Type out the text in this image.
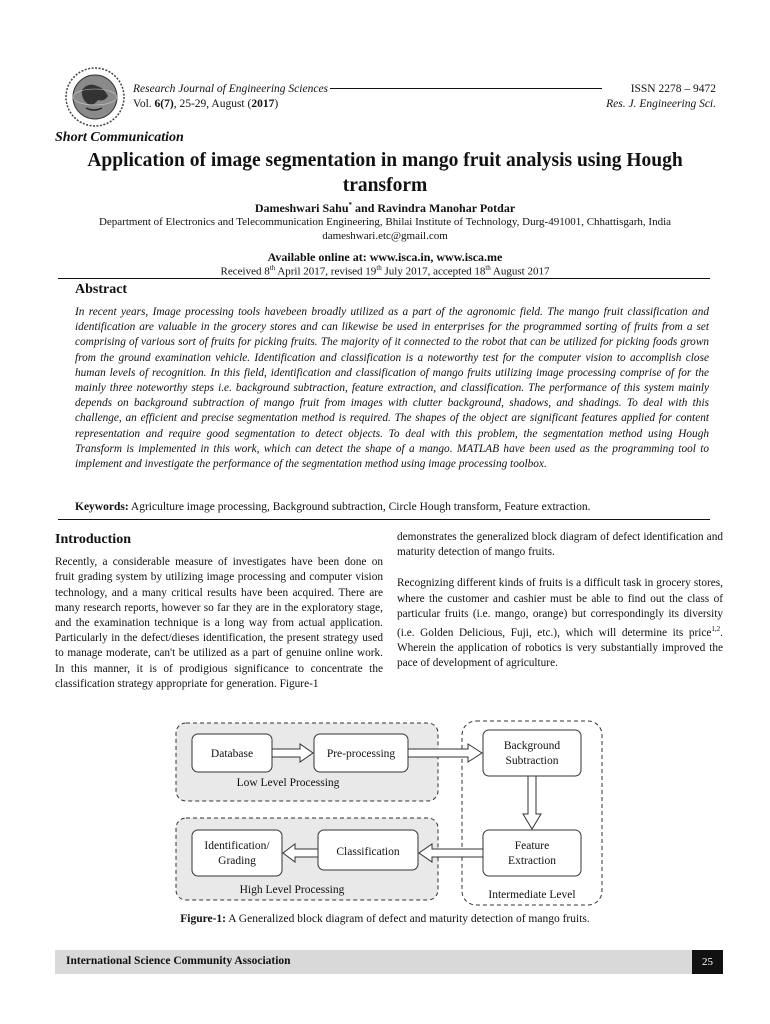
Research Journal of Engineering Sciences
Vol. 6(7), 25-29, August (2017)
ISSN 2278 – 9472
Res. J. Engineering Sci.
Short Communication
Application of image segmentation in mango fruit analysis using Hough transform
Dameshwari Sahu* and Ravindra Manohar Potdar
Department of Electronics and Telecommunication Engineering, Bhilai Institute of Technology, Durg-491001, Chhattisgarh, India
dameshwari.etc@gmail.com
Available online at: www.isca.in, www.isca.me
Received 8th April 2017, revised 19th July 2017, accepted 18th August 2017
Abstract
In recent years, Image processing tools havebeen broadly utilized as a part of the agronomic field. The mango fruit classification and identification are valuable in the grocery stores and can likewise be used in enterprises for the programmed sorting of fruits from a set comprising of various sort of fruits for picking fruits. The majority of it connected to the robot that can be utilized for picking foods grown from the ground examination vehicle. Identification and classification is a noteworthy test for the computer vision to accomplish close human levels of recognition. In this field, identification and classification of mango fruits utilizing image processing comprise of for the mainly three noteworthy steps i.e. background subtraction, feature extraction, and classification. The performance of this system mainly depends on background subtraction of mango fruit from images with clutter background, shadows, and shadings. To deal with this challenge, an efficient and precise segmentation method is required. The shapes of the object are significant features applied for content representation and require good segmentation to detect objects. To deal with this problem, the segmentation method using Hough Transform is implemented in this work, which can detect the shape of a mango. MATLAB have been used as the programming tool to implement and investigate the performance of the segmentation method using image processing toolbox.
Keywords: Agriculture image processing, Background subtraction, Circle Hough transform, Feature extraction.
Introduction

Recently, a considerable measure of investigates have been done on fruit grading system by utilizing image processing and computer vision technology, and a many critical results have been acquired. There are many research reports, however so far they are in the exploratory stage, and the examination technique is a long way from actual application. Particularly in the defect/dieses identification, the present strategy used to manage moderate, can't be utilized as a part of genuine online work. In this manner, it is of prodigious significance to concentrate the classification strategy appropriate for generation. Figure-1

demonstrates the generalized block diagram of defect identification and maturity detection of mango fruits.

Recognizing different kinds of fruits is a difficult task in grocery stores, where the customer and cashier must be able to find out the class of particular fruits (i.e. mango, orange) but correspondingly its diversity (i.e. Golden Delicious, Fuji, etc.), which will determine its price$^{1,2}$. Wherein the application of robotics is very substantially improved the pace of development of agriculture.

Database	Pre-processing
Low Level Processing
Background
Subtraction
Feature
Extraction
Classification
Identification/
Grading
High Level Processing	Intermediate Level
Figure-1: A Generalized block diagram of defect and maturity detection of mango fruits.
International Science Community Association	25
